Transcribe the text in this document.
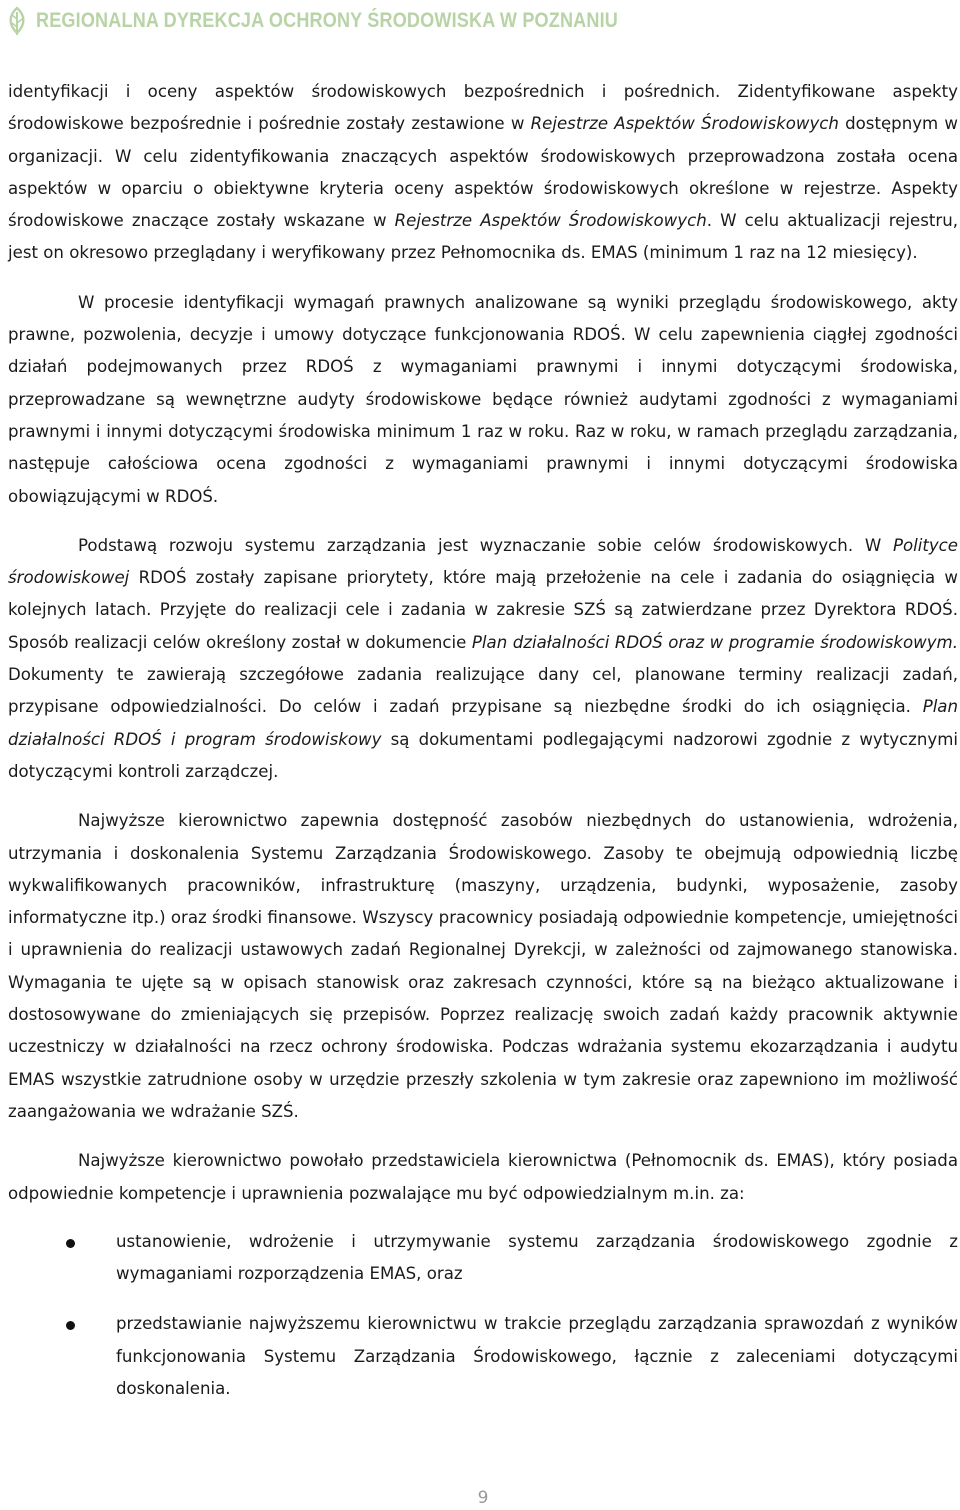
REGIONALNA DYREKCJA OCHRONY ŚRODOWISKA W POZNANIU

identyfikacji i oceny aspektów środowiskowych bezpośrednich i pośrednich. Zidentyfikowane aspekty środowiskowe bezpośrednie i pośrednie zostały zestawione w Rejestrze Aspektów Środowiskowych dostępnym w organizacji. W celu zidentyfikowania znaczących aspektów środowiskowych przeprowadzona została ocena aspektów w oparciu o obiektywne kryteria oceny aspektów środowiskowych określone w rejestrze. Aspekty środowiskowe znaczące zostały wskazane w Rejestrze Aspektów Środowiskowych. W celu aktualizacji rejestru, jest on okresowo przeglądany i weryfikowany przez Pełnomocnika ds. EMAS (minimum 1 raz na 12 miesięcy).

W procesie identyfikacji wymagań prawnych analizowane są wyniki przeglądu środowiskowego, akty prawne, pozwolenia, decyzje i umowy dotyczące funkcjonowania RDOŚ. W celu zapewnienia ciągłej zgodności działań podejmowanych przez RDOŚ z wymaganiami prawnymi i innymi dotyczącymi środowiska, przeprowadzane są wewnętrzne audyty środowiskowe będące również audytami zgodności z wymaganiami prawnymi i innymi dotyczącymi środowiska minimum 1 raz w roku. Raz w roku, w ramach przeglądu zarządzania, następuje całościowa ocena zgodności z wymaganiami prawnymi i innymi dotyczącymi środowiska obowiązującymi w RDOŚ.

Podstawą rozwoju systemu zarządzania jest wyznaczanie sobie celów środowiskowych. W Polityce środowiskowej RDOŚ zostały zapisane priorytety, które mają przełożenie na cele i zadania do osiągnięcia w kolejnych latach. Przyjęte do realizacji cele i zadania w zakresie SZŚ są zatwierdzane przez Dyrektora RDOŚ. Sposób realizacji celów określony został w dokumencie Plan działalności RDOŚ oraz w programie środowiskowym. Dokumenty te zawierają szczegółowe zadania realizujące dany cel, planowane terminy realizacji zadań, przypisane odpowiedzialności. Do celów i zadań przypisane są niezbędne środki do ich osiągnięcia. Plan działalności RDOŚ i program środowiskowy są dokumentami podlegającymi nadzorowi zgodnie z wytycznymi dotyczącymi kontroli zarządczej.

Najwyższe kierownictwo zapewnia dostępność zasobów niezbędnych do ustanowienia, wdrożenia, utrzymania i doskonalenia Systemu Zarządzania Środowiskowego. Zasoby te obejmują odpowiednią liczbę wykwalifikowanych pracowników, infrastrukturę (maszyny, urządzenia, budynki, wyposażenie, zasoby informatyczne itp.) oraz środki finansowe. Wszyscy pracownicy posiadają odpowiednie kompetencje, umiejętności i uprawnienia do realizacji ustawowych zadań Regionalnej Dyrekcji, w zależności od zajmowanego stanowiska. Wymagania te ujęte są w opisach stanowisk oraz zakresach czynności, które są na bieżąco aktualizowane i dostosowywane do zmieniających się przepisów. Poprzez realizację swoich zadań każdy pracownik aktywnie uczestniczy w działalności na rzecz ochrony środowiska. Podczas wdrażania systemu ekozarządzania i audytu EMAS wszystkie zatrudnione osoby w urzędzie przeszły szkolenia w tym zakresie oraz zapewniono im możliwość zaangażowania we wdrażanie SZŚ.

Najwyższe kierownictwo powołało przedstawiciela kierownictwa (Pełnomocnik ds. EMAS), który posiada odpowiednie kompetencje i uprawnienia pozwalające mu być odpowiedzialnym m.in. za:

ustanowienie, wdrożenie i utrzymywanie systemu zarządzania środowiskowego zgodnie z wymaganiami rozporządzenia EMAS, oraz
przedstawianie najwyższemu kierownictwu w trakcie przeglądu zarządzania sprawozdań z wyników funkcjonowania Systemu Zarządzania Środowiskowego, łącznie z zaleceniami dotyczącymi doskonalenia.
9
